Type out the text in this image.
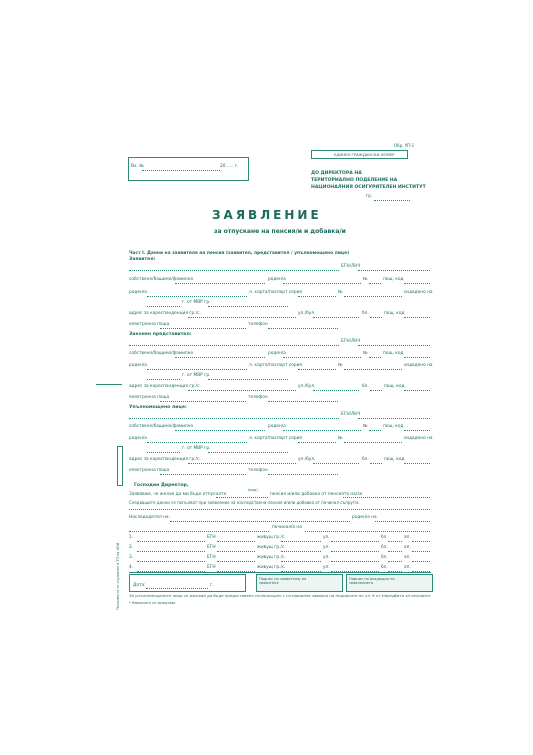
Обр. УП-1
ЕДИНЕН ГРАЖДАНСКИ НОМЕР
Вх. №	20 ..... г.
ДО ДИРЕКТОРА НА
ТЕРИТОРИАЛНО ПОДЕЛЕНИЕ НА
НАЦИОНАЛНИЯ ОСИГУРИТЕЛЕН ИНСТИТУТ
гр.
ЗАЯВЛЕНИЕ
за отпускане на пенсия/и и добавка/и
Част I. Данни на заявителя на пенсия (заявител, представител / упълномощено лице)
Заявител:
ЕГН/ЛНЧ
собствено/бащино/фамилно	роден/а	№	пощ. код
роден/а	л. карта/паспорт серия	№	издадено на
г. от МВР гр.
адрес за кореспонденция гр./с.	ул./бул.	бл.	пощ. код
електронна поща	телефон
Законен представител:
ЕГН/ЛНЧ
собствено/бащино/фамилно	роден/а	№	пощ. код
роден/а	л. карта/паспорт серия	№	издадено на
г. от МВР гр.
адрес за кореспонденция гр./с.	ул./бул.	бл.	пощ. код
електронна поща	телефон
Упълномощено лице:
ЕГН/ЛНЧ
собствено/бащино/фамилно	роден/а	№	пощ. код
роден/а	л. карта/паспорт серия	№	издадено на
г. от МВР гр.
адрес за кореспонденция гр./с.	ул./бул.	бл.	пощ. код
електронна поща	телефон
Попълва се от служител в ТП на НОИ
Господин Директор,
Заявявам, че желая да ми бъде отпусната
(вид)
пенсия и/или добавка от пенсията на/за
Следващите данни се попълват при заявление за наследствена пенсия и/или добавка от починал съпруг/а
Наследодател на:	роден/а на
починал/а на
1.	ЕГН	живущ гр./с.	ул.	бл.	ап.
2.	ЕГН	живущ гр./с.	ул.	бл.	ап.
3.	ЕГН	живущ гр./с.	ул.	бл.	ап.
4.	ЕГН	живущ гр./с.	ул.	бл.	ап.
Дата:	г.
Подпис на заявителя/ на заявителя
Подпис на входящия на заявлението
За упълномощените лица се изисква да бъде предоставено пълномощно с нотариална заверка на подписите по чл. 9 от Наредбата за пенсиите
* Невярното се зачертава
